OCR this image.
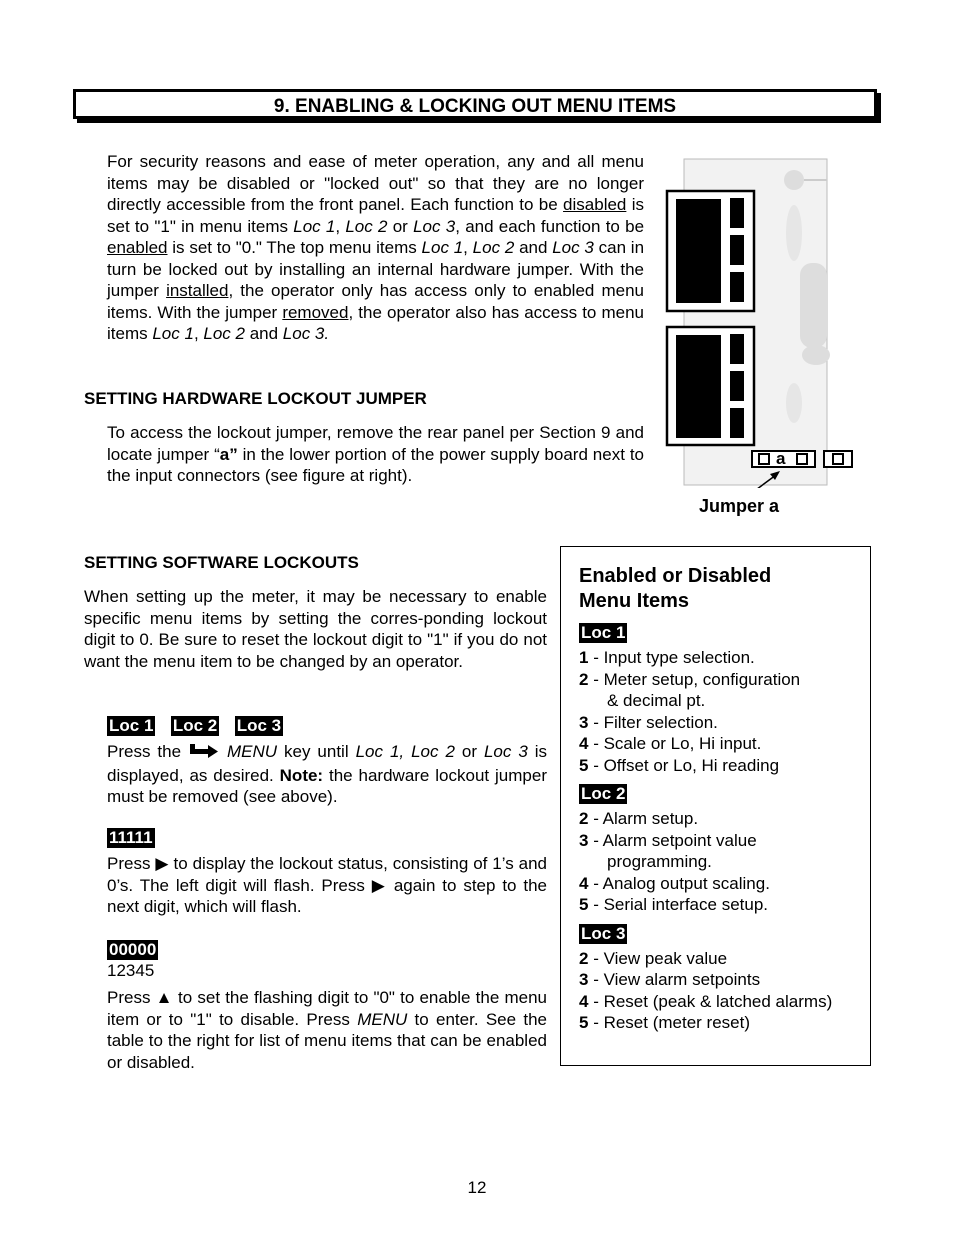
9. ENABLING & LOCKING OUT MENU ITEMS
For security reasons and ease of meter operation, any and all menu items may be disabled or "locked out" so that they are no longer directly accessible from the front panel. Each function to be disabled is set to "1" in menu items Loc 1, Loc 2 or Loc 3, and each function to be enabled is set to "0." The top menu items Loc 1, Loc 2 and Loc 3 can in turn be locked out by installing an internal hardware jumper. With the jumper installed, the operator only has access only to enabled menu items. With the jumper removed, the operator also has access to menu items Loc 1, Loc 2 and Loc 3.
SETTING HARDWARE LOCKOUT JUMPER
To access the lockout jumper, remove the rear panel per Section 9 and locate jumper “a” in the lower portion of the power supply board next to the input connectors (see figure at right).
a
Jumper a
SETTING SOFTWARE LOCKOUTS
When setting up the meter, it may be necessary to enable specific menu items by setting the corres-ponding lockout digit to 0. Be sure to reset the lockout digit to "1" if you do not want the menu item to be changed by an operator.
Loc 1 Loc 2 Loc 3
Press the  MENU key until Loc 1, Loc 2 or Loc 3 is displayed, as desired. Note: the hardware lockout jumper must be removed (see above).
11111
Press ▶ to display the lockout status, consisting of 1’s and 0’s. The left digit will flash. Press ▶ again to step to the next digit, which will flash.
00000
12345
Press ▲ to set the flashing digit to "0" to enable the menu item or to "1" to disable. Press MENU to enter. See the table to the right for list of menu items that can be enabled or disabled.
Enabled or Disabled
Menu Items
Loc 1
1 - Input type selection.
2 - Meter setup, configuration
& decimal pt.
3 - Filter selection.
4 - Scale or Lo, Hi input.
5 - Offset or Lo, Hi reading
Loc 2
2 - Alarm setup.
3 - Alarm setpoint value
programming.
4 - Analog output scaling.
5 - Serial interface setup.
Loc 3
2 - View peak value
3 - View alarm setpoints
4 - Reset (peak & latched alarms)
5 - Reset (meter reset)
12
